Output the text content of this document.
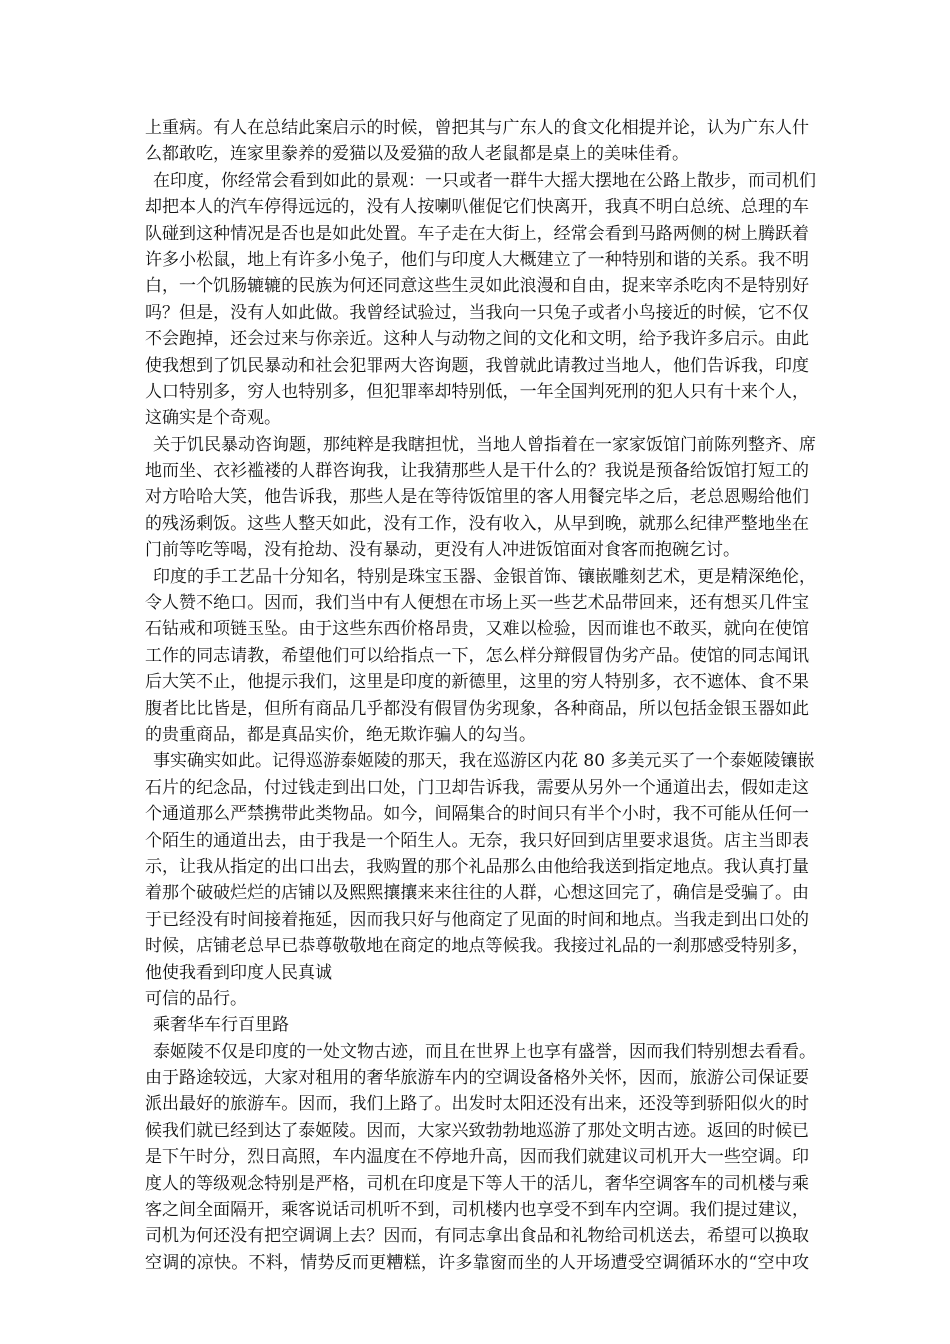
上重病。有人在总结此案启示的时候，曾把其与广东人的食文化相提并论，认为广东人什
么都敢吃，连家里豢养的爱猫以及爱猫的敌人老鼠都是桌上的美味佳肴。
在印度，你经常会看到如此的景观：一只或者一群牛大摇大摆地在公路上散步，而司机们
却把本人的汽车停得远远的，没有人按喇叭催促它们快离开，我真不明白总统、总理的车
队碰到这种情况是否也是如此处置。车子走在大街上，经常会看到马路两侧的树上腾跃着
许多小松鼠，地上有许多小兔子，他们与印度人大概建立了一种特别和谐的关系。我不明
白，一个饥肠辘辘的民族为何还同意这些生灵如此浪漫和自由，捉来宰杀吃肉不是特别好
吗？但是，没有人如此做。我曾经试验过，当我向一只兔子或者小鸟接近的时候，它不仅
不会跑掉，还会过来与你亲近。这种人与动物之间的文化和文明，给予我许多启示。由此
使我想到了饥民暴动和社会犯罪两大咨询题，我曾就此请教过当地人，他们告诉我，印度
人口特别多，穷人也特别多，但犯罪率却特别低，一年全国判死刑的犯人只有十来个人，
这确实是个奇观。
关于饥民暴动咨询题，那纯粹是我瞎担忧，当地人曾指着在一家家饭馆门前陈列整齐、席
地而坐、衣衫褴褛的人群咨询我，让我猜那些人是干什么的？我说是预备给饭馆打短工的
对方哈哈大笑，他告诉我，那些人是在等待饭馆里的客人用餐完毕之后，老总恩赐给他们
的残汤剩饭。这些人整天如此，没有工作，没有收入，从早到晚，就那么纪律严整地坐在
门前等吃等喝，没有抢劫、没有暴动，更没有人冲进饭馆面对食客而抱碗乞讨。
印度的手工艺品十分知名，特别是珠宝玉器、金银首饰、镶嵌雕刻艺术，更是精深绝伦，
令人赞不绝口。因而，我们当中有人便想在市场上买一些艺术品带回来，还有想买几件宝
石钻戒和项链玉坠。由于这些东西价格昂贵，又难以检验，因而谁也不敢买，就向在使馆
工作的同志请教，希望他们可以给指点一下，怎么样分辩假冒伪劣产品。使馆的同志闻讯
后大笑不止，他提示我们，这里是印度的新德里，这里的穷人特别多，衣不遮体、食不果
腹者比比皆是，但所有商品几乎都没有假冒伪劣现象，各种商品，所以包括金银玉器如此
的贵重商品，都是真品实价，绝无欺诈骗人的勾当。
事实确实如此。记得巡游泰姬陵的那天，我在巡游区内花 80 多美元买了一个泰姬陵镶嵌
石片的纪念品，付过钱走到出口处，门卫却告诉我，需要从另外一个通道出去，假如走这
个通道那么严禁携带此类物品。如今，间隔集合的时间只有半个小时，我不可能从任何一
个陌生的通道出去，由于我是一个陌生人。无奈，我只好回到店里要求退货。店主当即表
示，让我从指定的出口出去，我购置的那个礼品那么由他给我送到指定地点。我认真打量
着那个破破烂烂的店铺以及熙熙攘攘来来往往的人群，心想这回完了，确信是受骗了。由
于已经没有时间接着拖延，因而我只好与他商定了见面的时间和地点。当我走到出口处的
时候，店铺老总早已恭尊敬敬地在商定的地点等候我。我接过礼品的一刹那感受特别多，
他使我看到印度人民真诚
可信的品行。
乘奢华车行百里路
泰姬陵不仅是印度的一处文物古迹，而且在世界上也享有盛誉，因而我们特别想去看看。
由于路途较远，大家对租用的奢华旅游车内的空调设备格外关怀，因而，旅游公司保证要
派出最好的旅游车。因而，我们上路了。出发时太阳还没有出来，还没等到骄阳似火的时
候我们就已经到达了泰姬陵。因而，大家兴致勃勃地巡游了那处文明古迹。返回的时候已
是下午时分，烈日高照，车内温度在不停地升高，因而我们就建议司机开大一些空调。印
度人的等级观念特别是严格，司机在印度是下等人干的活儿，奢华空调客车的司机楼与乘
客之间全面隔开，乘客说话司机听不到，司机楼内也享受不到车内空调。我们提过建议，
司机为何还没有把空调调上去？因而，有同志拿出食品和礼物给司机送去，希望可以换取
空调的凉快。不料，情势反而更糟糕，许多靠窗而坐的人开场遭受空调循环水的“空中攻
